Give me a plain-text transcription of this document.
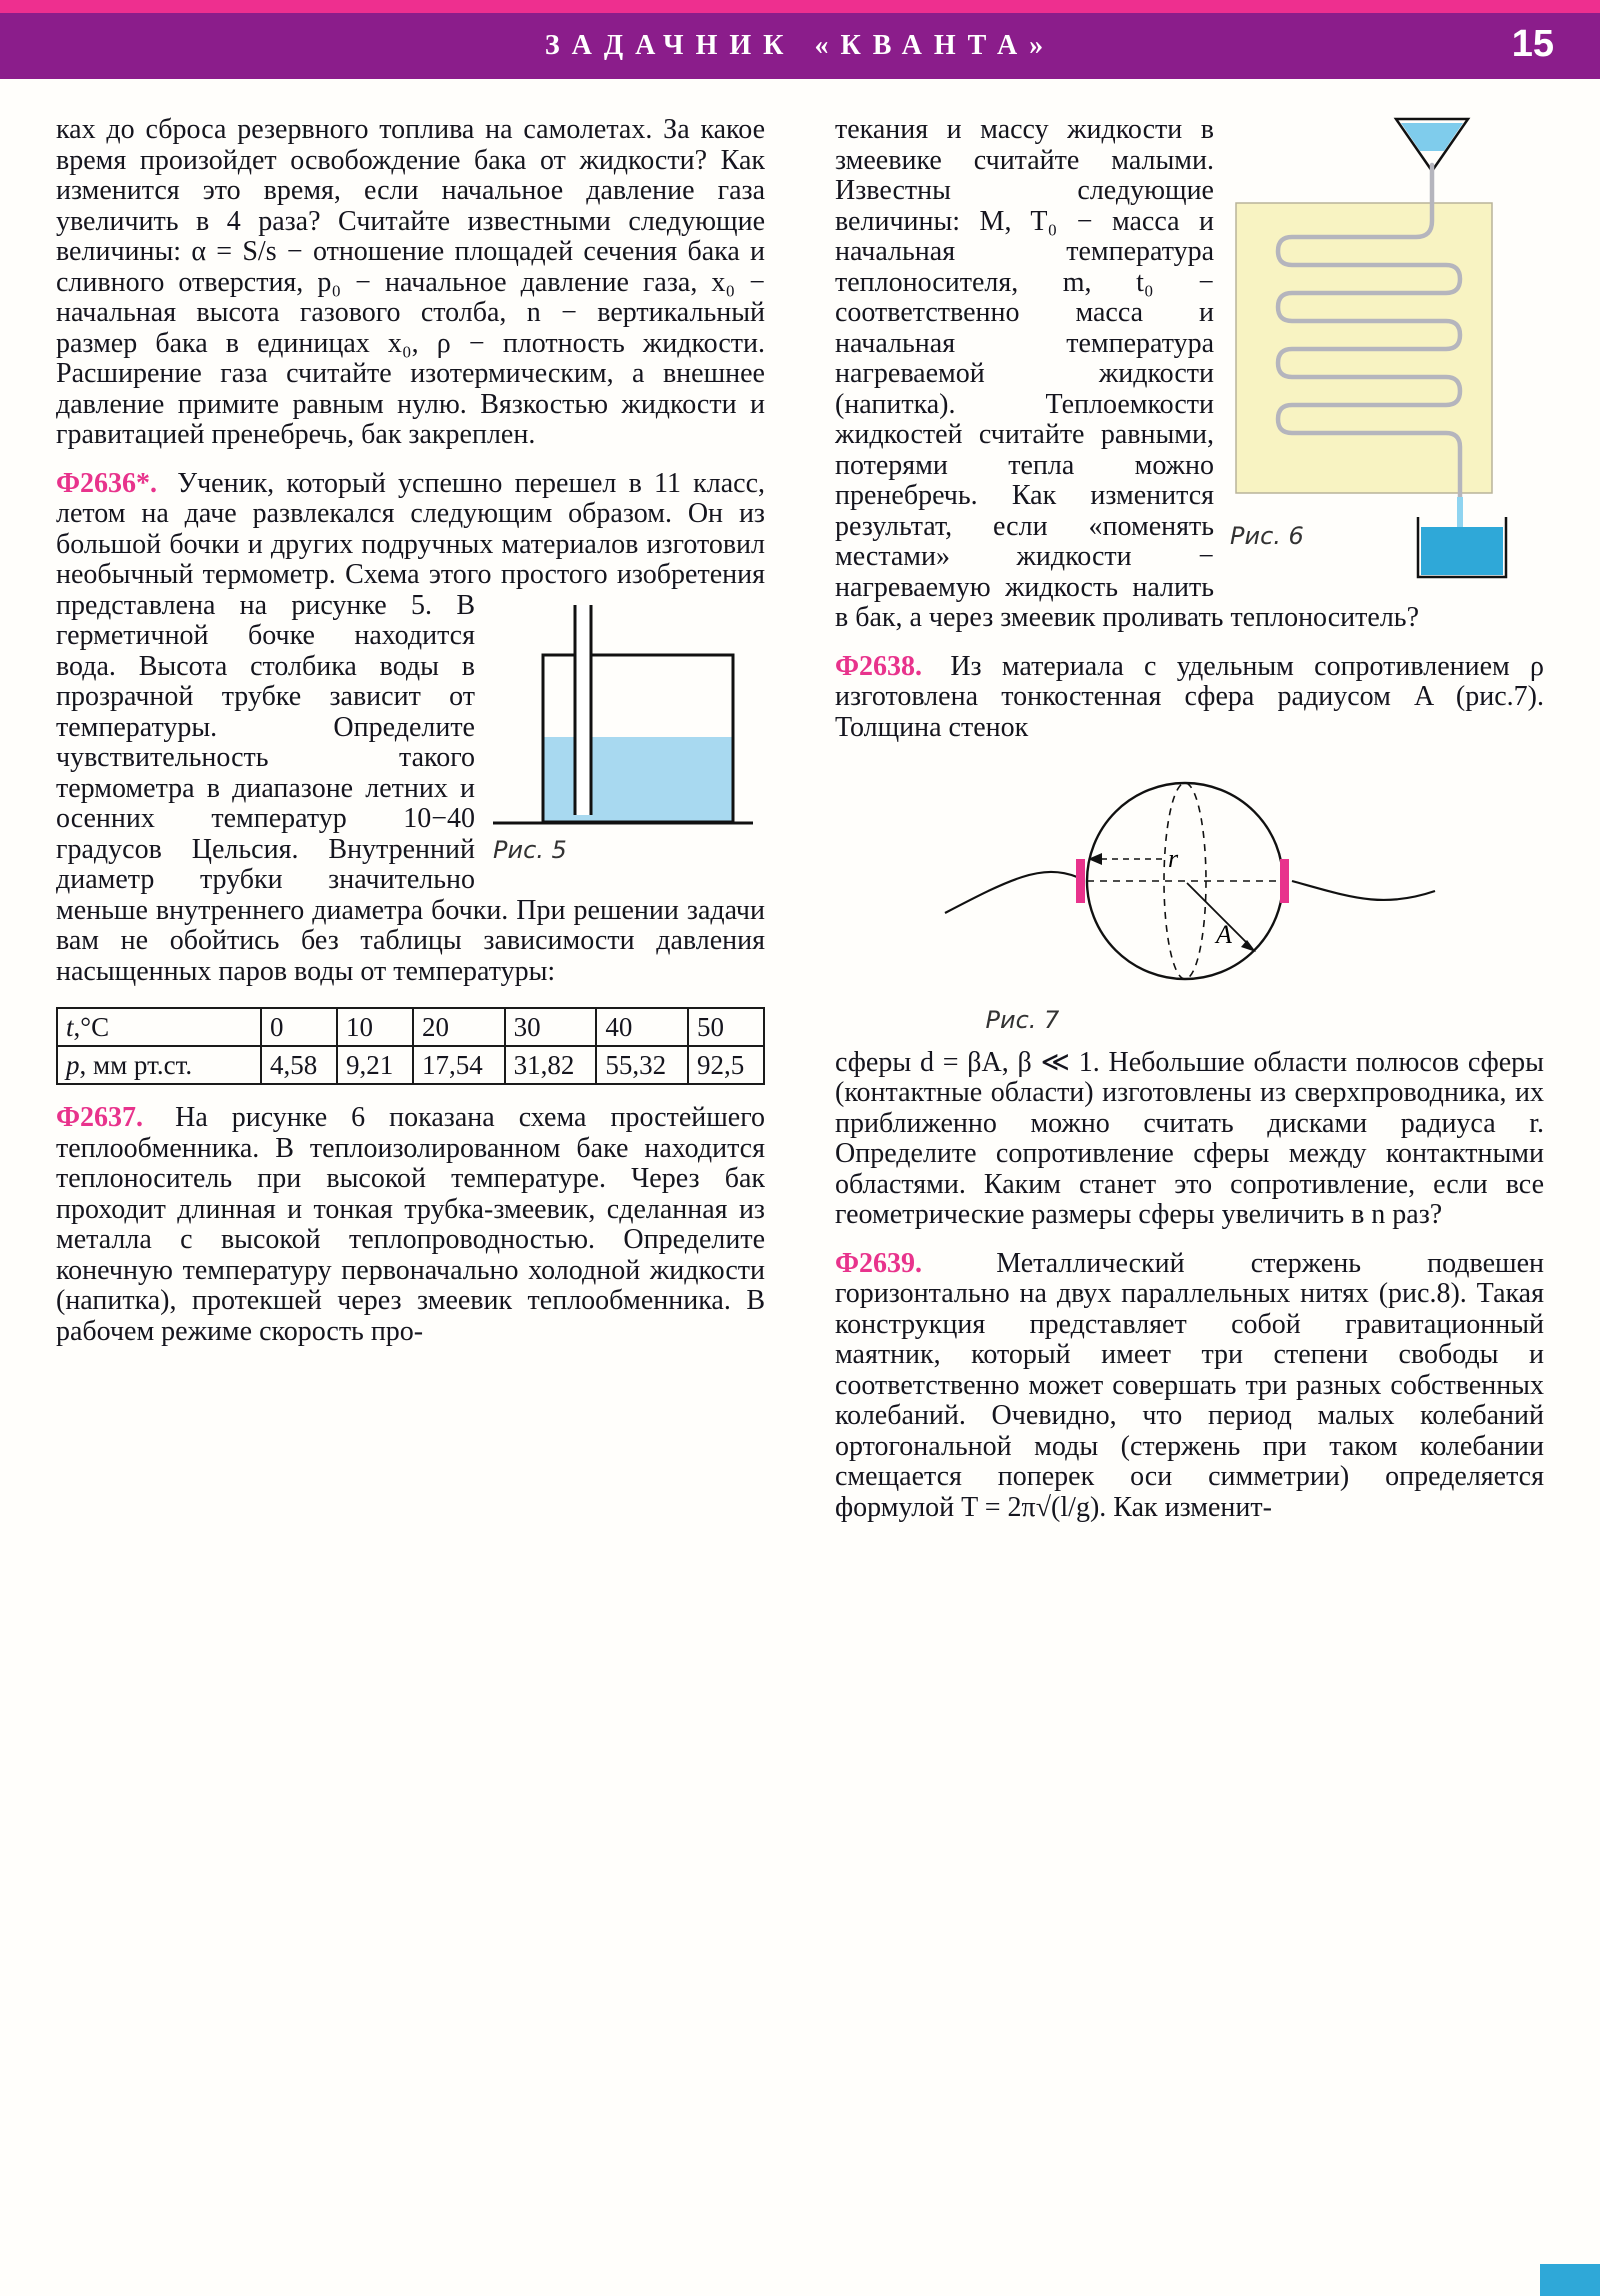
ЗАДАЧНИК «КВАНТА»	15

ках до сброса резервного топлива на самолетах. За какое время произойдет освобождение бака от жидкости? Как изменится это время, если начальное давление газа увеличить в 4 раза? Считайте известными следующие величины: α = S/s − отношение площадей сечения бака и сливного отверстия, p₀ − начальное давление газа, x₀ − начальная высота газового столба, n − вертикальный размер бака в единицах x₀, ρ − плотность жидкости. Расширение газа считайте изотермическим, а внешнее давление примите равным нулю. Вязкостью жидкости и гравитацией пренебречь, бак закреплен.

Ф2636*. Ученик, который успешно перешел в 11 класс, летом на даче развлекался следующим образом. Он из большой бочки и других подручных материалов изготовил необычный термометр. Схема этого
Рис. 5
простого изобретения представлена на рисунке 5. В герметичной бочке находится вода. Высота столбика воды в прозрачной трубке зависит от температуры. Определите чувствительность такого термометра в диапазоне летних и осенних температур 10−40 градусов Цельсия. Внутренний диаметр трубки значительно меньше внутреннего диаметра бочки. При решении задачи вам не обойтись без таблицы зависимости давления насыщенных паров воды от температуры:

t,°C	0	10	20	30	40	50
p, мм рт.ст.	4,58	9,21	17,54	31,82	55,32	92,5

Ф2637. На рисунке 6 показана схема простейшего теплообменника. В теплоизолированном баке находится теплоноситель при высокой температуре. Через бак проходит длинная и тонкая трубка-змеевик, сделанная из металла с высокой теплопроводностью. Определите конечную температуру первоначально холодной жидкости (напитка), протекшей через змеевик теплообменника. В рабочем режиме скорость про-

Рис. 6
текания и массу жидкости в змеевике считайте малыми. Известны следующие величины: M, T₀ − масса и начальная температура теплоносителя, m, t₀ − соответственно масса и начальная температура нагреваемой жидкости (напитка). Теплоемкости жидкостей считайте равными, потерями тепла можно пренебречь. Как изменится результат, если «поменять местами» жидкости − нагреваемую жидкость налить в бак, а через змеевик проливать теплоноситель?

Ф2638. Из материала с удельным сопротивлением ρ изготовлена тонкостенная сфера радиусом A (рис.7). Толщина стенок

r
A
Рис. 7

сферы d = βA, β ≪ 1. Небольшие области полюсов сферы (контактные области) изготовлены из сверхпроводника, их приближенно можно считать дисками радиуса r. Определите сопротивление сферы между контактными областями. Каким станет это сопротивление, если все геометрические размеры сферы увеличить в n раз?

Ф2639.	Металлический стержень подвешен горизонтально на двух параллельных нитях (рис.8). Такая конструкция представляет собой гравитационный маятник, который имеет три степени свободы и соответственно может совершать три разных собственных колебаний. Очевидно, что период малых колебаний ортогональной моды (стержень при таком колебании смещается поперек оси симметрии) определяется формулой T = 2π√(l/g). Как изменит-
